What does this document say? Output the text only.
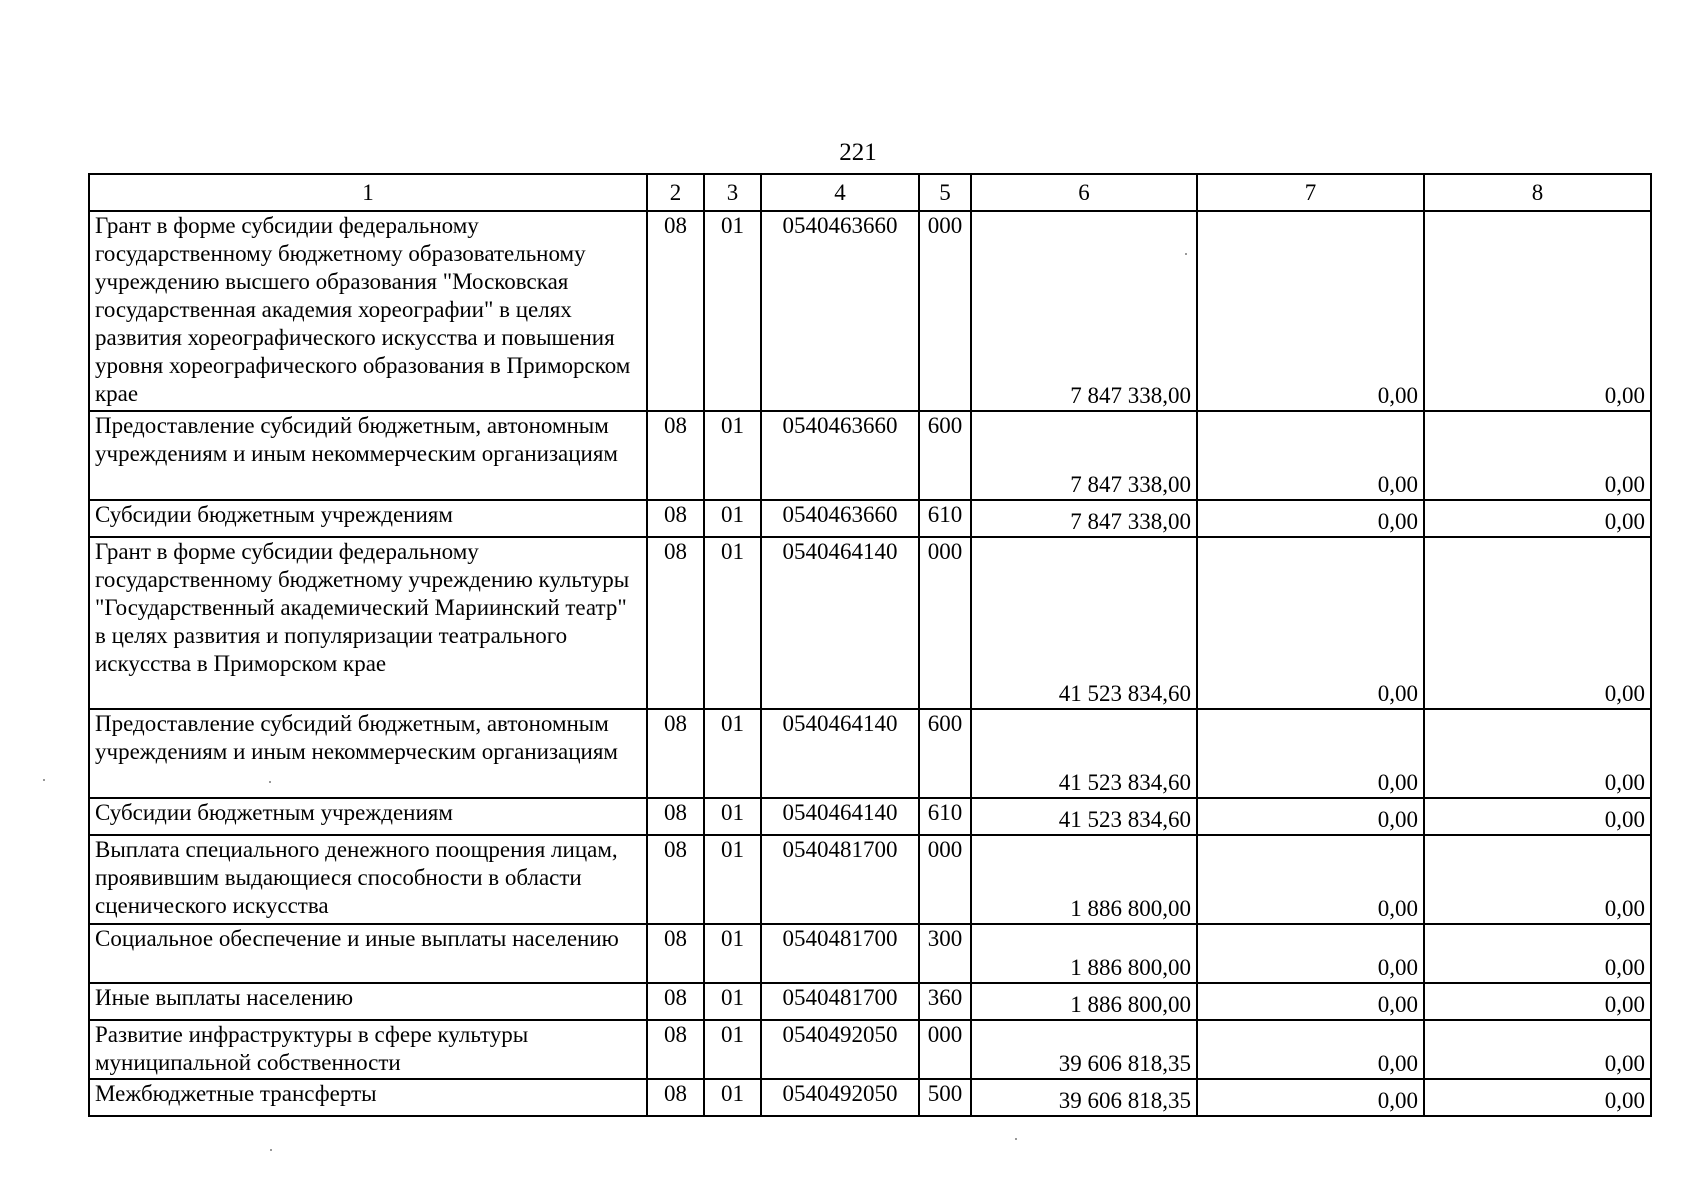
221
1	2	3	4	5	6	7	8
Грант в форме субсидии федеральному государственному бюджетному образовательному учреждению высшего образования "Московская государственная академия хореографии" в целях развития хореографического искусства и повышения уровня хореографического образования в Приморском крае	08	01	0540463660	000	7 847 338,00	0,00	0,00
Предоставление субсидий бюджетным, автономным учреждениям и иным некоммерческим организациям	08	01	0540463660	600	7 847 338,00	0,00	0,00
Субсидии бюджетным учреждениям	08	01	0540463660	610	7 847 338,00	0,00	0,00
Грант в форме субсидии федеральному государственному бюджетному учреждению культуры "Государственный академический Мариинский театр" в целях развития и популяризации театрального искусства в Приморском крае	08	01	0540464140	000	41 523 834,60	0,00	0,00
Предоставление субсидий бюджетным, автономным учреждениям и иным некоммерческим организациям	08	01	0540464140	600	41 523 834,60	0,00	0,00
Субсидии бюджетным учреждениям	08	01	0540464140	610	41 523 834,60	0,00	0,00
Выплата специального денежного поощрения лицам, проявившим выдающиеся способности в области сценического искусства	08	01	0540481700	000	1 886 800,00	0,00	0,00
Социальное обеспечение и иные выплаты населению	08	01	0540481700	300	1 886 800,00	0,00	0,00
Иные выплаты населению	08	01	0540481700	360	1 886 800,00	0,00	0,00
Развитие инфраструктуры в сфере культуры муниципальной собственности	08	01	0540492050	000	39 606 818,35	0,00	0,00
Межбюджетные трансферты	08	01	0540492050	500	39 606 818,35	0,00	0,00
